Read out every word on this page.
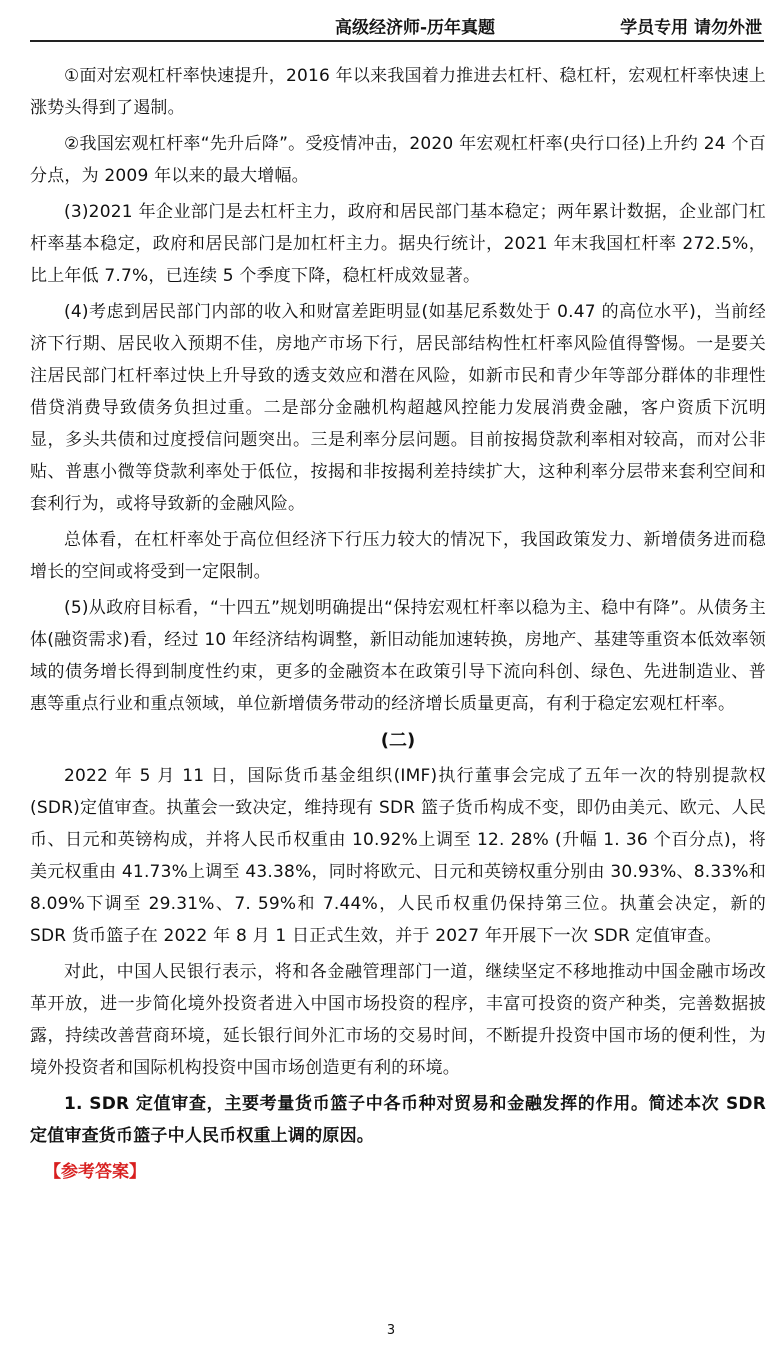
高级经济师-历年真题	学员专用 请勿外泄

①面对宏观杠杆率快速提升，2016 年以来我国着力推进去杠杆、稳杠杆，宏观杠杆率快速上涨势头得到了遏制。

②我国宏观杠杆率“先升后降”。受疫情冲击，2020 年宏观杠杆率(央行口径)上升约 24 个百分点，为 2009 年以来的最大增幅。

(3)2021 年企业部门是去杠杆主力，政府和居民部门基本稳定；两年累计数据，企业部门杠杆率基本稳定，政府和居民部门是加杠杆主力。据央行统计，2021 年末我国杠杆率 272.5%，比上年低 7.7%，已连续 5 个季度下降，稳杠杆成效显著。

(4)考虑到居民部门内部的收入和财富差距明显(如基尼系数处于 0.47 的高位水平)，当前经济下行期、居民收入预期不佳，房地产市场下行，居民部结构性杠杆率风险值得警惕。一是要关注居民部门杠杆率过快上升导致的透支效应和潜在风险，如新市民和青少年等部分群体的非理性借贷消费导致债务负担过重。二是部分金融机构超越风控能力发展消费金融，客户资质下沉明显，多头共债和过度授信问题突出。三是利率分层问题。目前按揭贷款利率相对较高，而对公非贴、普惠小微等贷款利率处于低位，按揭和非按揭利差持续扩大，这种利率分层带来套利空间和套利行为，或将导致新的金融风险。

总体看，在杠杆率处于高位但经济下行压力较大的情况下，我国政策发力、新增债务进而稳增长的空间或将受到一定限制。

(5)从政府目标看，“十四五”规划明确提出“保持宏观杠杆率以稳为主、稳中有降”。从债务主体(融资需求)看，经过 10 年经济结构调整，新旧动能加速转换，房地产、基建等重资本低效率领域的债务增长得到制度性约束，更多的金融资本在政策引导下流向科创、绿色、先进制造业、普惠等重点行业和重点领域，单位新增债务带动的经济增长质量更高，有利于稳定宏观杠杆率。

(二)

2022 年 5 月 11 日，国际货币基金组织(IMF)执行董事会完成了五年一次的特别提款权(SDR)定值审查。执董会一致决定，维持现有 SDR 篮子货币构成不变，即仍由美元、欧元、人民币、日元和英镑构成，并将人民币权重由 10.92%上调至 12. 28% (升幅 1. 36 个百分点)，将美元权重由 41.73%上调至 43.38%，同时将欧元、日元和英镑权重分别由 30.93%、8.33%和 8.09%下调至 29.31%、7. 59%和 7.44%，人民币权重仍保持第三位。执董会决定，新的 SDR 货币篮子在 2022 年 8 月 1 日正式生效，并于 2027 年开展下一次 SDR 定值审查。

对此，中国人民银行表示，将和各金融管理部门一道，继续坚定不移地推动中国金融市场改革开放，进一步简化境外投资者进入中国市场投资的程序，丰富可投资的资产种类，完善数据披露，持续改善营商环境，延长银行间外汇市场的交易时间，不断提升投资中国市场的便利性，为境外投资者和国际机构投资中国市场创造更有利的环境。

1. SDR 定值审查，主要考量货币篮子中各币种对贸易和金融发挥的作用。简述本次 SDR 定值审查货币篮子中人民币权重上调的原因。

【参考答案】
3
